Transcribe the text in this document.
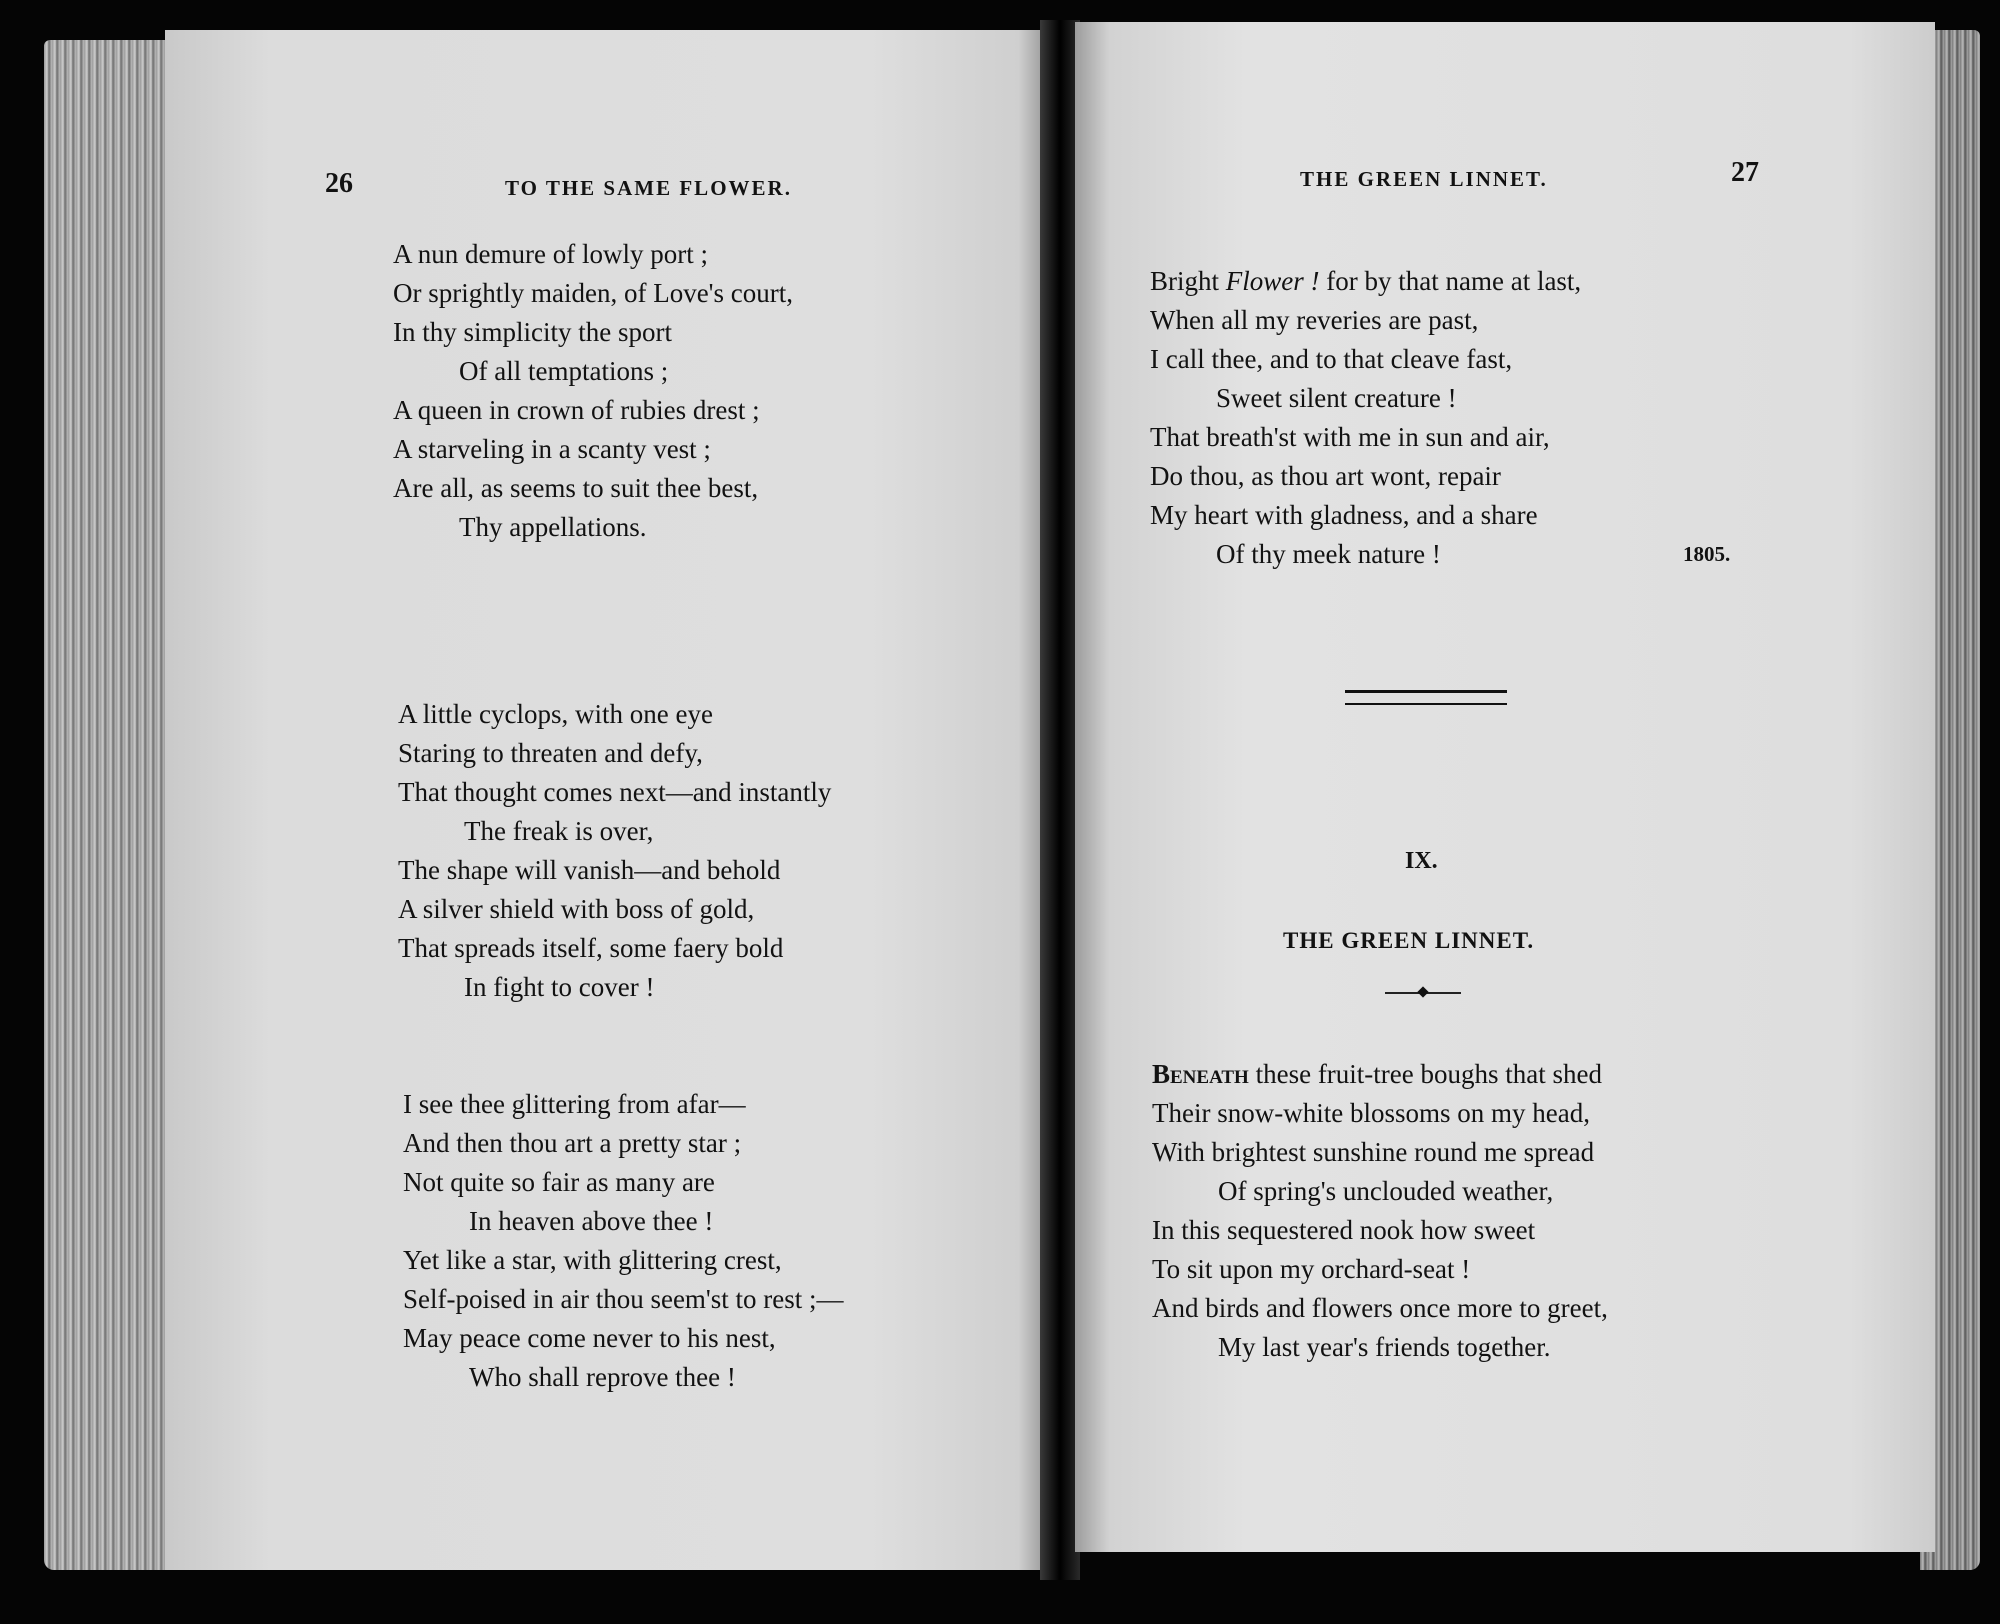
26	TO THE SAME FLOWER.
A nun demure of lowly port ;
Or sprightly maiden, of Love's court,
In thy simplicity the sport
Of all temptations ;
A queen in crown of rubies drest ;
A starveling in a scanty vest ;
Are all, as seems to suit thee best,
Thy appellations.
A little cyclops, with one eye
Staring to threaten and defy,
That thought comes next—and instantly
The freak is over,
The shape will vanish—and behold
A silver shield with boss of gold,
That spreads itself, some faery bold
In fight to cover !
I see thee glittering from afar—
And then thou art a pretty star ;
Not quite so fair as many are
In heaven above thee !
Yet like a star, with glittering crest,
Self-poised in air thou seem'st to rest ;—
May peace come never to his nest,
Who shall reprove thee !
THE GREEN LINNET.	27
Bright Flower ! for by that name at last,
When all my reveries are past,
I call thee, and to that cleave fast,
Sweet silent creature !
That breath'st with me in sun and air,
Do thou, as thou art wont, repair
My heart with gladness, and a share
Of thy meek nature !	1805.
IX.
THE GREEN LINNET.
Beneath these fruit-tree boughs that shed
Their snow-white blossoms on my head,
With brightest sunshine round me spread
Of spring's unclouded weather,
In this sequestered nook how sweet
To sit upon my orchard-seat !
And birds and flowers once more to greet,
My last year's friends together.
